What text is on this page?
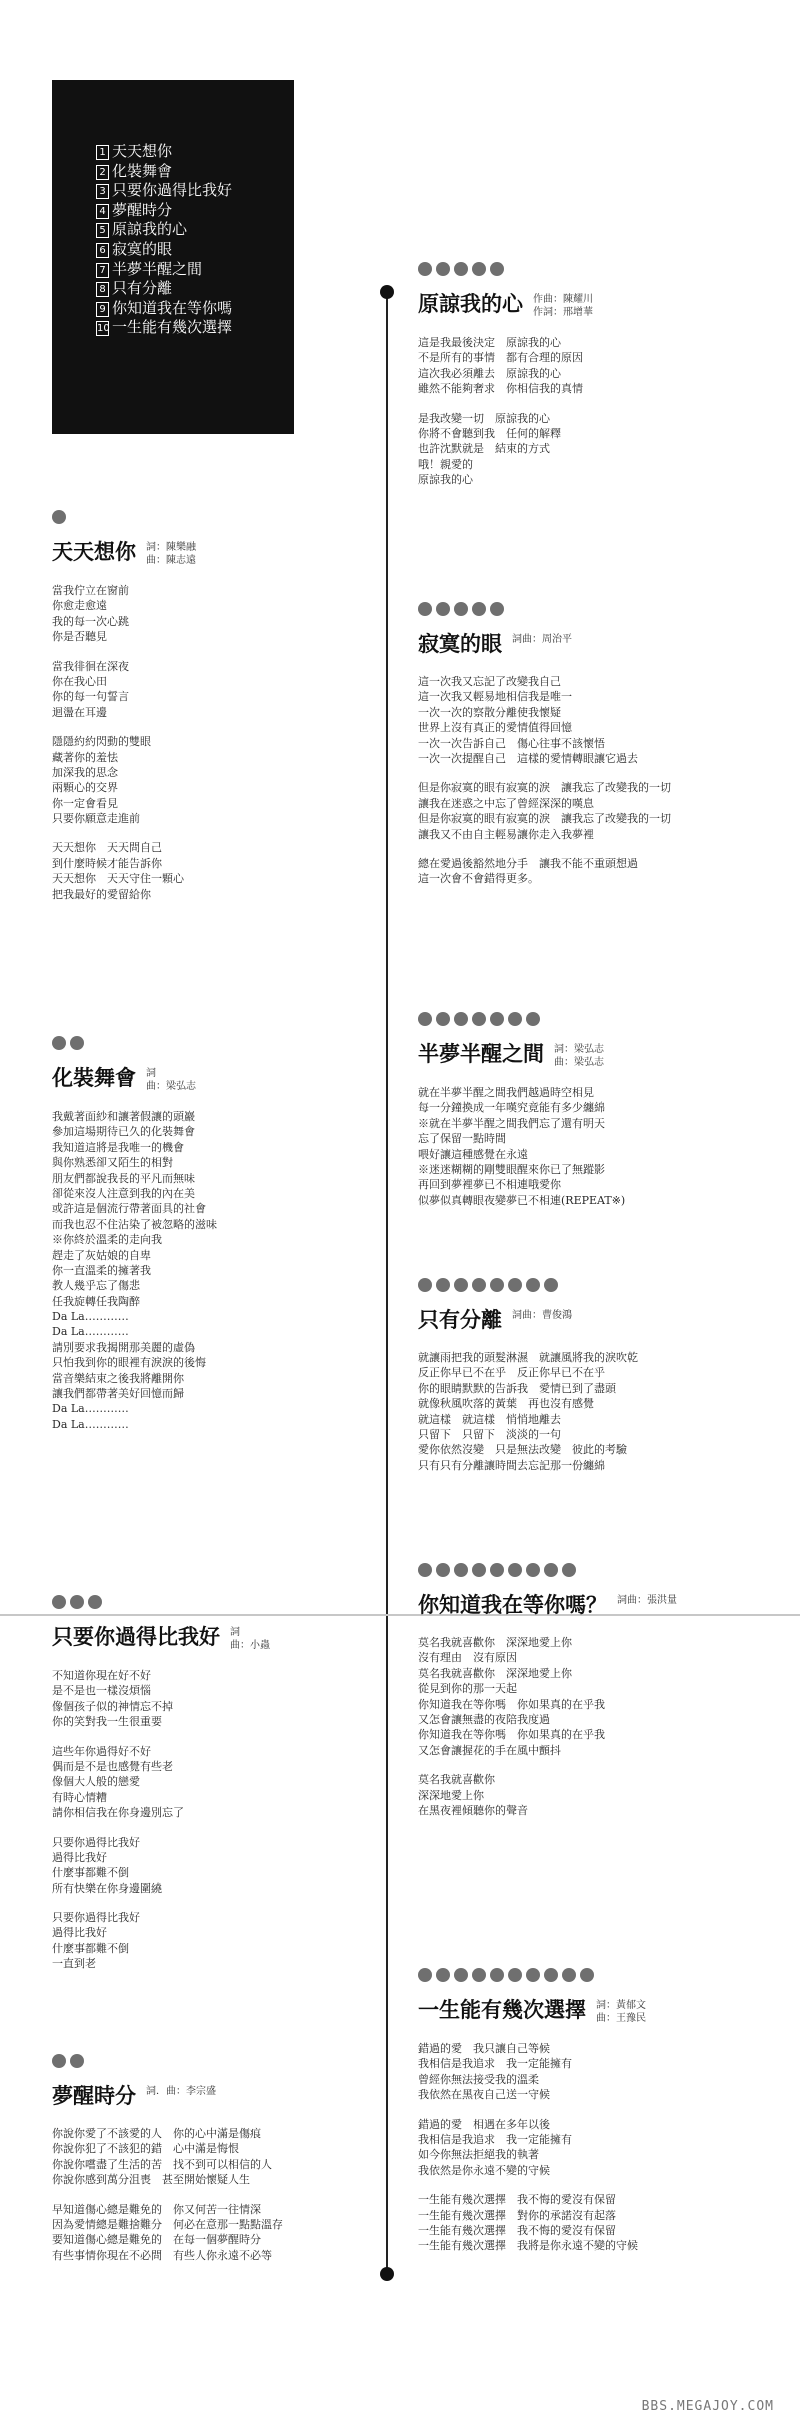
1 天天想你
2 化裝舞會
3 只要你過得比我好
4 夢醒時分
5 原諒我的心
6 寂寞的眼
7 半夢半醒之間
8 只有分離
9 你知道我在等你嗎
10 一生能有幾次選擇
天天想你 詞：陳樂融
曲：陳志遠
當我佇立在窗前
你愈走愈遠
我的每一次心跳
你是否聽見
當我徘徊在深夜
你在我心田
你的每一句誓言
迴盪在耳邊
隱隱約約閃動的雙眼
藏著你的羞怯
加深我的思念
兩顆心的交界
你一定會看見
只要你願意走進前
天天想你　天天問自己
到什麼時候才能告訴你
天天想你　天天守住一顆心
把我最好的愛留給你
化裝舞會 詞
曲：梁弘志
我戴著面紗和讓著假讓的頭巖
參加這場期待已久的化裝舞會
我知道這將是我唯一的機會
與你熟悉卻又陌生的相對
朋友們都說我長的平凡而無味
卻從來沒人注意到我的內在美
或許這是個流行帶著面具的社會
而我也忍不住沾染了被忽略的滋味
※你終於溫柔的走向我
趕走了灰姑娘的自卑
你一直溫柔的擁著我
教人幾乎忘了傷悲
任我旋轉任我陶醉
Da La…………
Da La…………
請別要求我揭開那美麗的虛偽
只怕我到你的眼裡有淚淚的後悔
當音樂結束之後我將離開你
讓我們都帶著美好回憶而歸
Da La…………
Da La…………
只要你過得比我好 詞
曲：小蟲
不知道你現在好不好
是不是也一樣沒煩惱
像個孩子似的神情忘不掉
你的笑對我一生很重要
這些年你過得好不好
偶而是不是也感覺有些老
像個大人般的戀愛
有時心情糟
請你相信我在你身邊別忘了
只要你過得比我好
過得比我好
什麼事都難不倒
所有快樂在你身邊圍繞
只要你過得比我好
過得比我好
什麼事都難不倒
一直到老
夢醒時分 詞．曲：李宗盛
你說你愛了不該愛的人　你的心中滿是傷痕
你說你犯了不該犯的錯　心中滿是悔恨
你說你嚐盡了生活的苦　找不到可以相信的人
你說你感到萬分沮喪　甚至開始懷疑人生
早知道傷心總是難免的　你又何苦一往情深
因為愛情總是難捨難分　何必在意那一點點溫存
要知道傷心總是難免的　在每一個夢醒時分
有些事情你現在不必問　有些人你永遠不必等
原諒我的心 作曲：陳耀川
作詞：邢增華
這是我最後決定　原諒我的心
不是所有的事情　都有合理的原因
這次我必須離去　原諒我的心
雖然不能夠奢求　你相信我的真情
是我改變一切　原諒我的心
你將不會聽到我　任何的解釋
也許沈默就是　結束的方式
哦！親愛的
原諒我的心
寂寞的眼 詞曲：周治平
這一次我又忘記了改變我自己
這一次我又輕易地相信我是唯一
一次一次的察散分離使我懷疑
世界上沒有真正的愛情值得回憶
一次一次告訴自己　傷心往事不該懷悟
一次一次提醒自己　這樣的愛情轉眼讓它過去
但是你寂寞的眼有寂寞的淚　讓我忘了改變我的一切
讓我在迷惑之中忘了曾經深深的嘆息
但是你寂寞的眼有寂寞的淚　讓我忘了改變我的一切
讓我又不由自主輕易讓你走入我夢裡
總在愛過後豁然地分手　讓我不能不重頭想過
這一次會不會錯得更多。
半夢半醒之間 詞：梁弘志
曲：梁弘志
就在半夢半醒之間我們越過時空相見
每一分鐘換成一年嘆究竟能有多少纏綿
※就在半夢半醒之間我們忘了還有明天
忘了保留一點時間
喂好讓這種感覺在永遠
※迷迷糊糊的剛雙眼醒來你已了無蹤影
再回到夢裡夢已不相連哦愛你
似夢似真轉眼夜變夢已不相連(REPEAT※)
只有分離 詞曲：曹俊鴻
就讓雨把我的頭髮淋濕　就讓風將我的淚吹乾
反正你早已不在乎　反正你早已不在乎
你的眼睛默默的告訴我　愛情已到了盡頭
就像秋風吹落的黃葉　再也沒有感覺
就這樣　就這樣　悄悄地離去
只留下　只留下　淡淡的一句
愛你依然沒變　只是無法改變　彼此的考驗
只有只有分離讓時間去忘記那一份纏綿
你知道我在等你嗎？ 詞曲：張洪量
莫名我就喜歡你　深深地愛上你
沒有理由　沒有原因
莫名我就喜歡你　深深地愛上你
從見到你的那一天起
你知道我在等你嗎　你如果真的在乎我
又怎會讓無盡的夜陪我度過
你知道我在等你嗎　你如果真的在乎我
又怎會讓握花的手在風中顫抖
莫名我就喜歡你
深深地愛上你
在黑夜裡傾聽你的聲音
一生能有幾次選擇 詞：黃郁文
曲：王豫民
錯過的愛　我只讓自己等候
我相信是我追求　我一定能擁有
曾經你無法接受我的溫柔
我依然在黑夜自己送一守候
錯過的愛　相遇在多年以後
我相信是我追求　我一定能擁有
如今你無法拒絕我的執著
我依然是你永遠不變的守候
一生能有幾次選擇　我不悔的愛沒有保留
一生能有幾次選擇　對你的承諾沒有起落
一生能有幾次選擇　我不悔的愛沒有保留
一生能有幾次選擇　我將是你永遠不變的守候
BBS.MEGAJOY.COM
